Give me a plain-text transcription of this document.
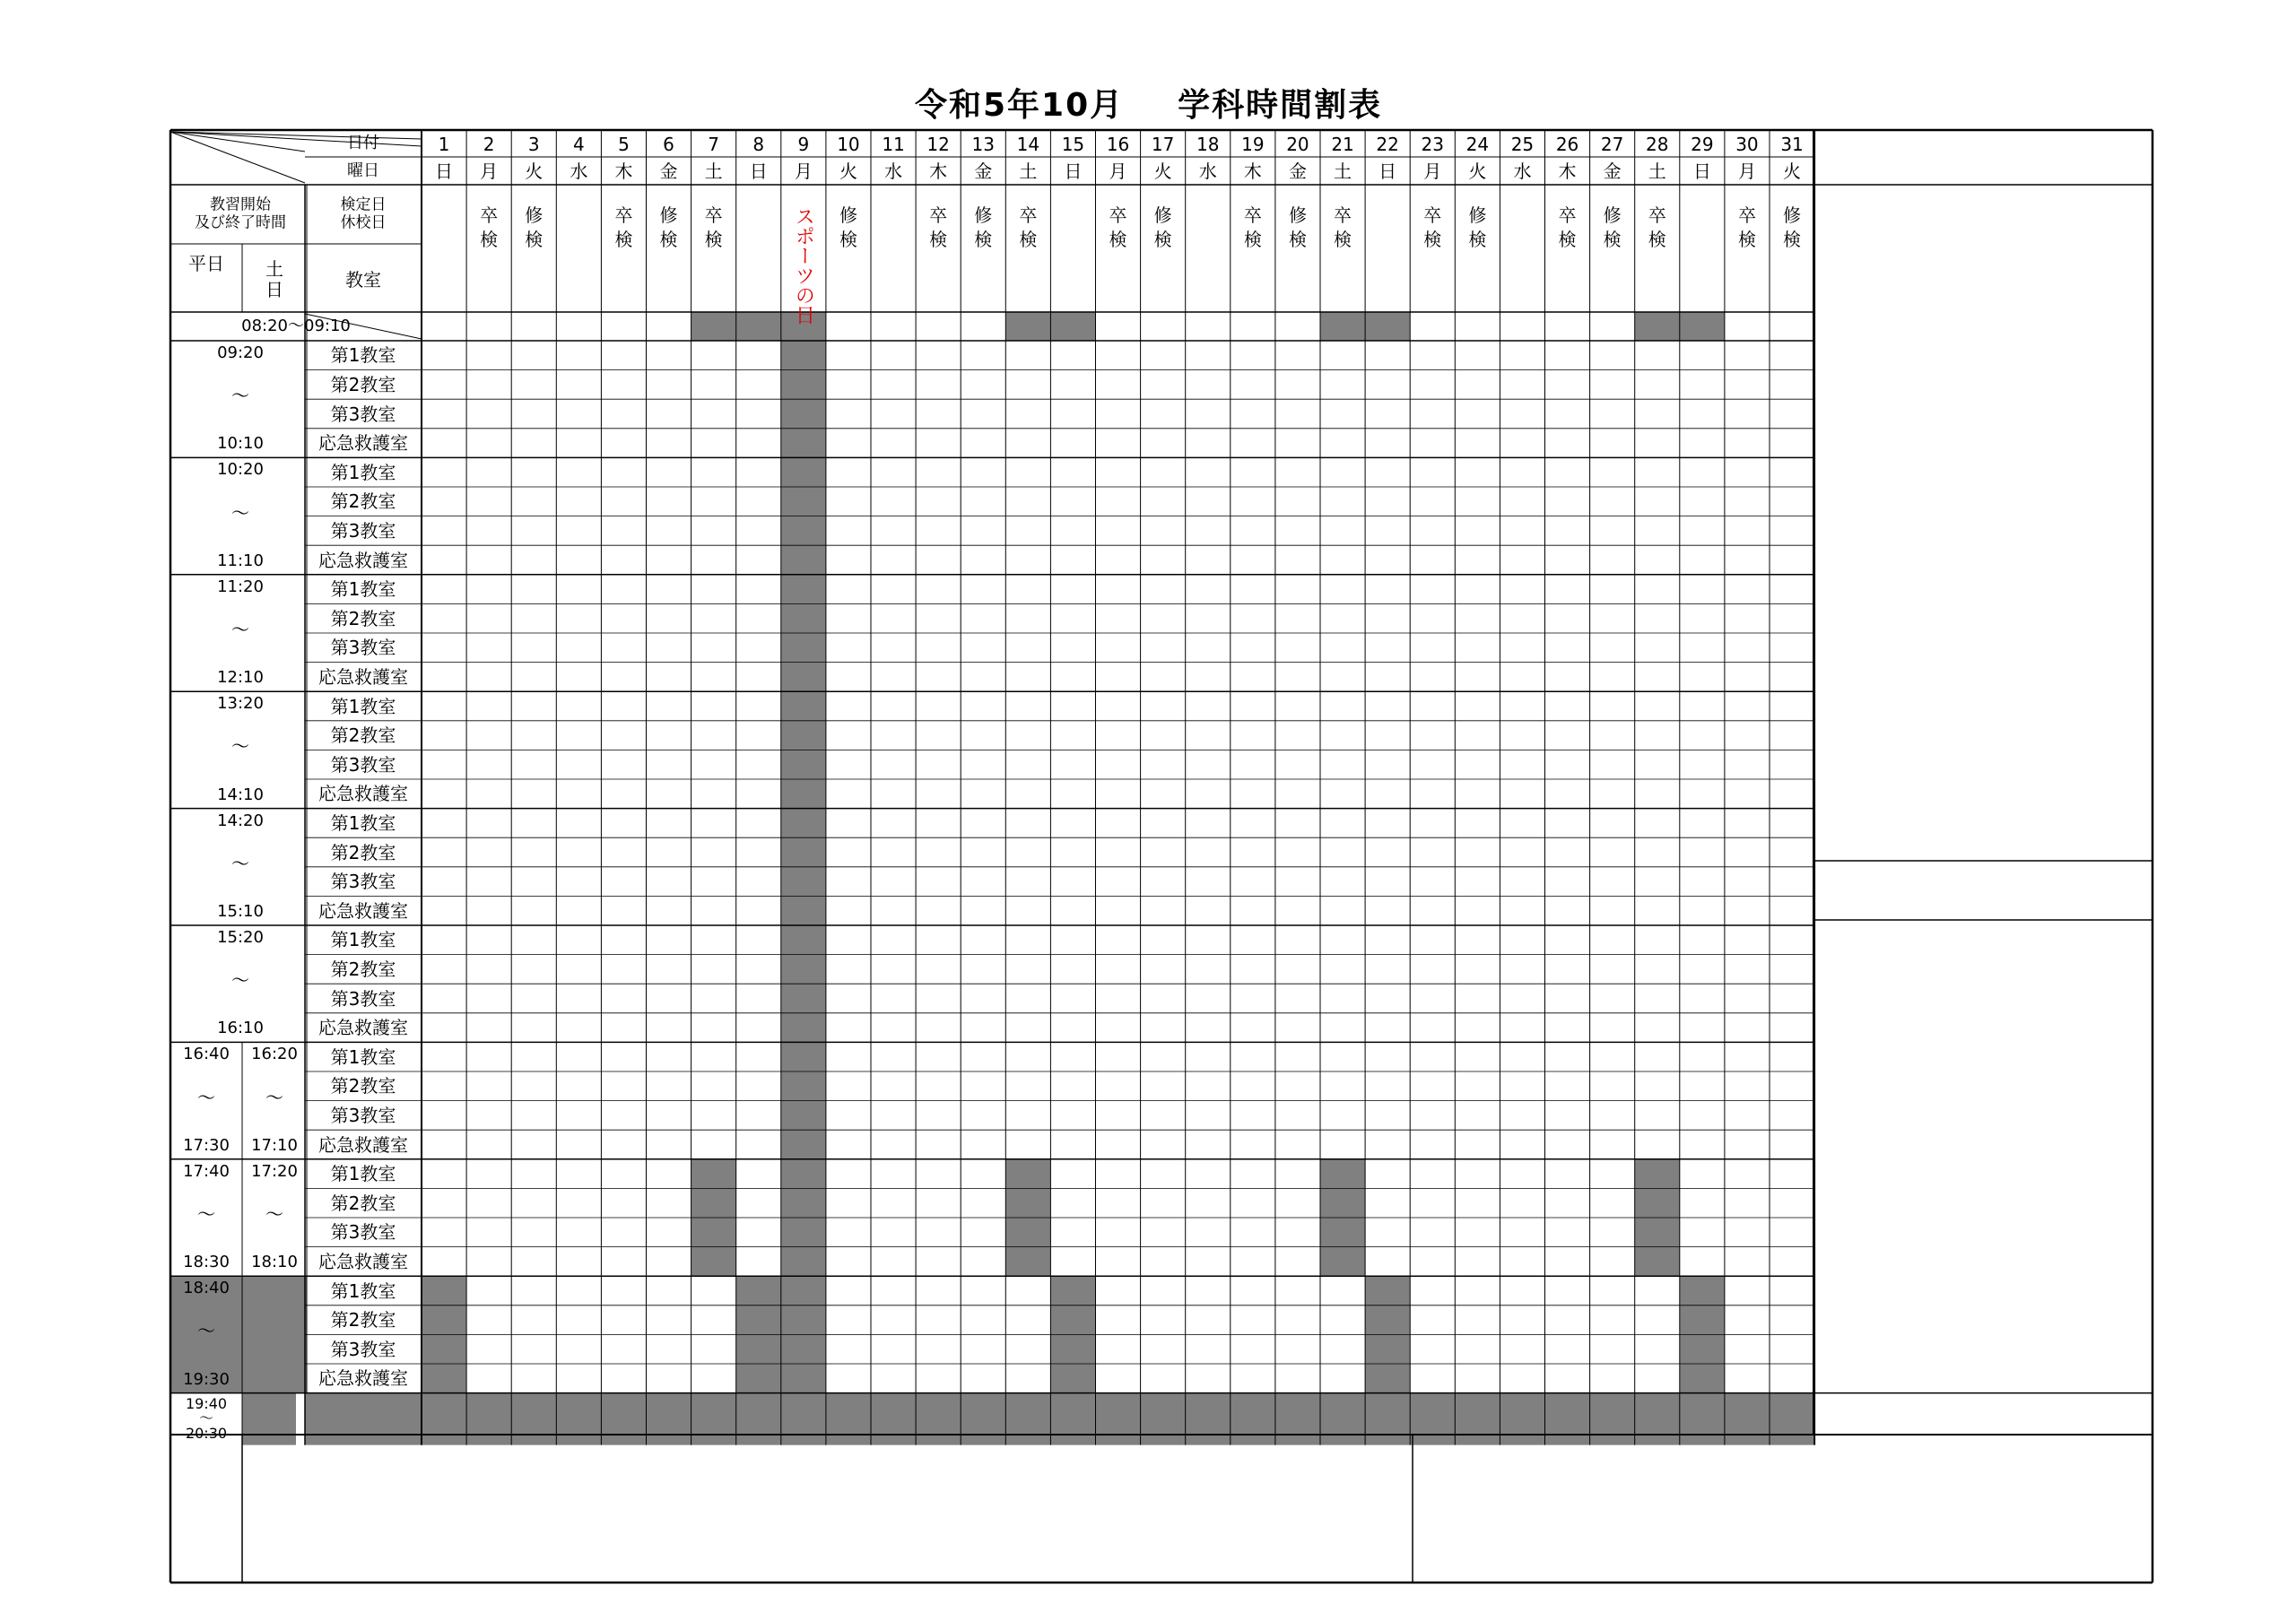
令和5年10月 学科時間割表
日付
曜日
教習開始
及び終了時間
検定日
休校日
平日 土
日	教室
08:20〜09:10
1
日
2
月
卒
検
3
火
修
検
4
水
5
木
卒
検
6
金
修
検
7
土
卒
検
8
日
9
月
スポーツの日
10
火
修
検
11
水
12
木
卒
検
13
金
修
検
14
土
卒
検
15
日
16
月
卒
検
17
火
修
検
18
水
19
木
卒
検
20
金
修
検
21
土
卒
検
22
日
23
月
卒
検
24
火
修
検
25
水
26
木
卒
検
27
金
修
検
28
土
卒
検
29
日
30
月
卒
検
31
火
修
検
09:20
〜
10:10
第1教室
第2教室
第3教室
応急救護室
10:20
〜
11:10
第1教室
第2教室
第3教室
応急救護室
11:20
〜
12:10
第1教室
第2教室
第3教室
応急救護室
13:20
〜
14:10
第1教室
第2教室
第3教室
応急救護室
14:20
〜
15:10
第1教室
第2教室
第3教室
応急救護室
15:20
〜
16:10
第1教室
第2教室
第3教室
応急救護室
16:40
〜
17:30
16:20
〜
17:10
第1教室
第2教室
第3教室
応急救護室
17:40
〜
18:30
17:20
〜
18:10
第1教室
第2教室
第3教室
応急救護室
18:40
〜
19:30
第1教室
第2教室
第3教室
応急救護室
19:40
〜
20:30
